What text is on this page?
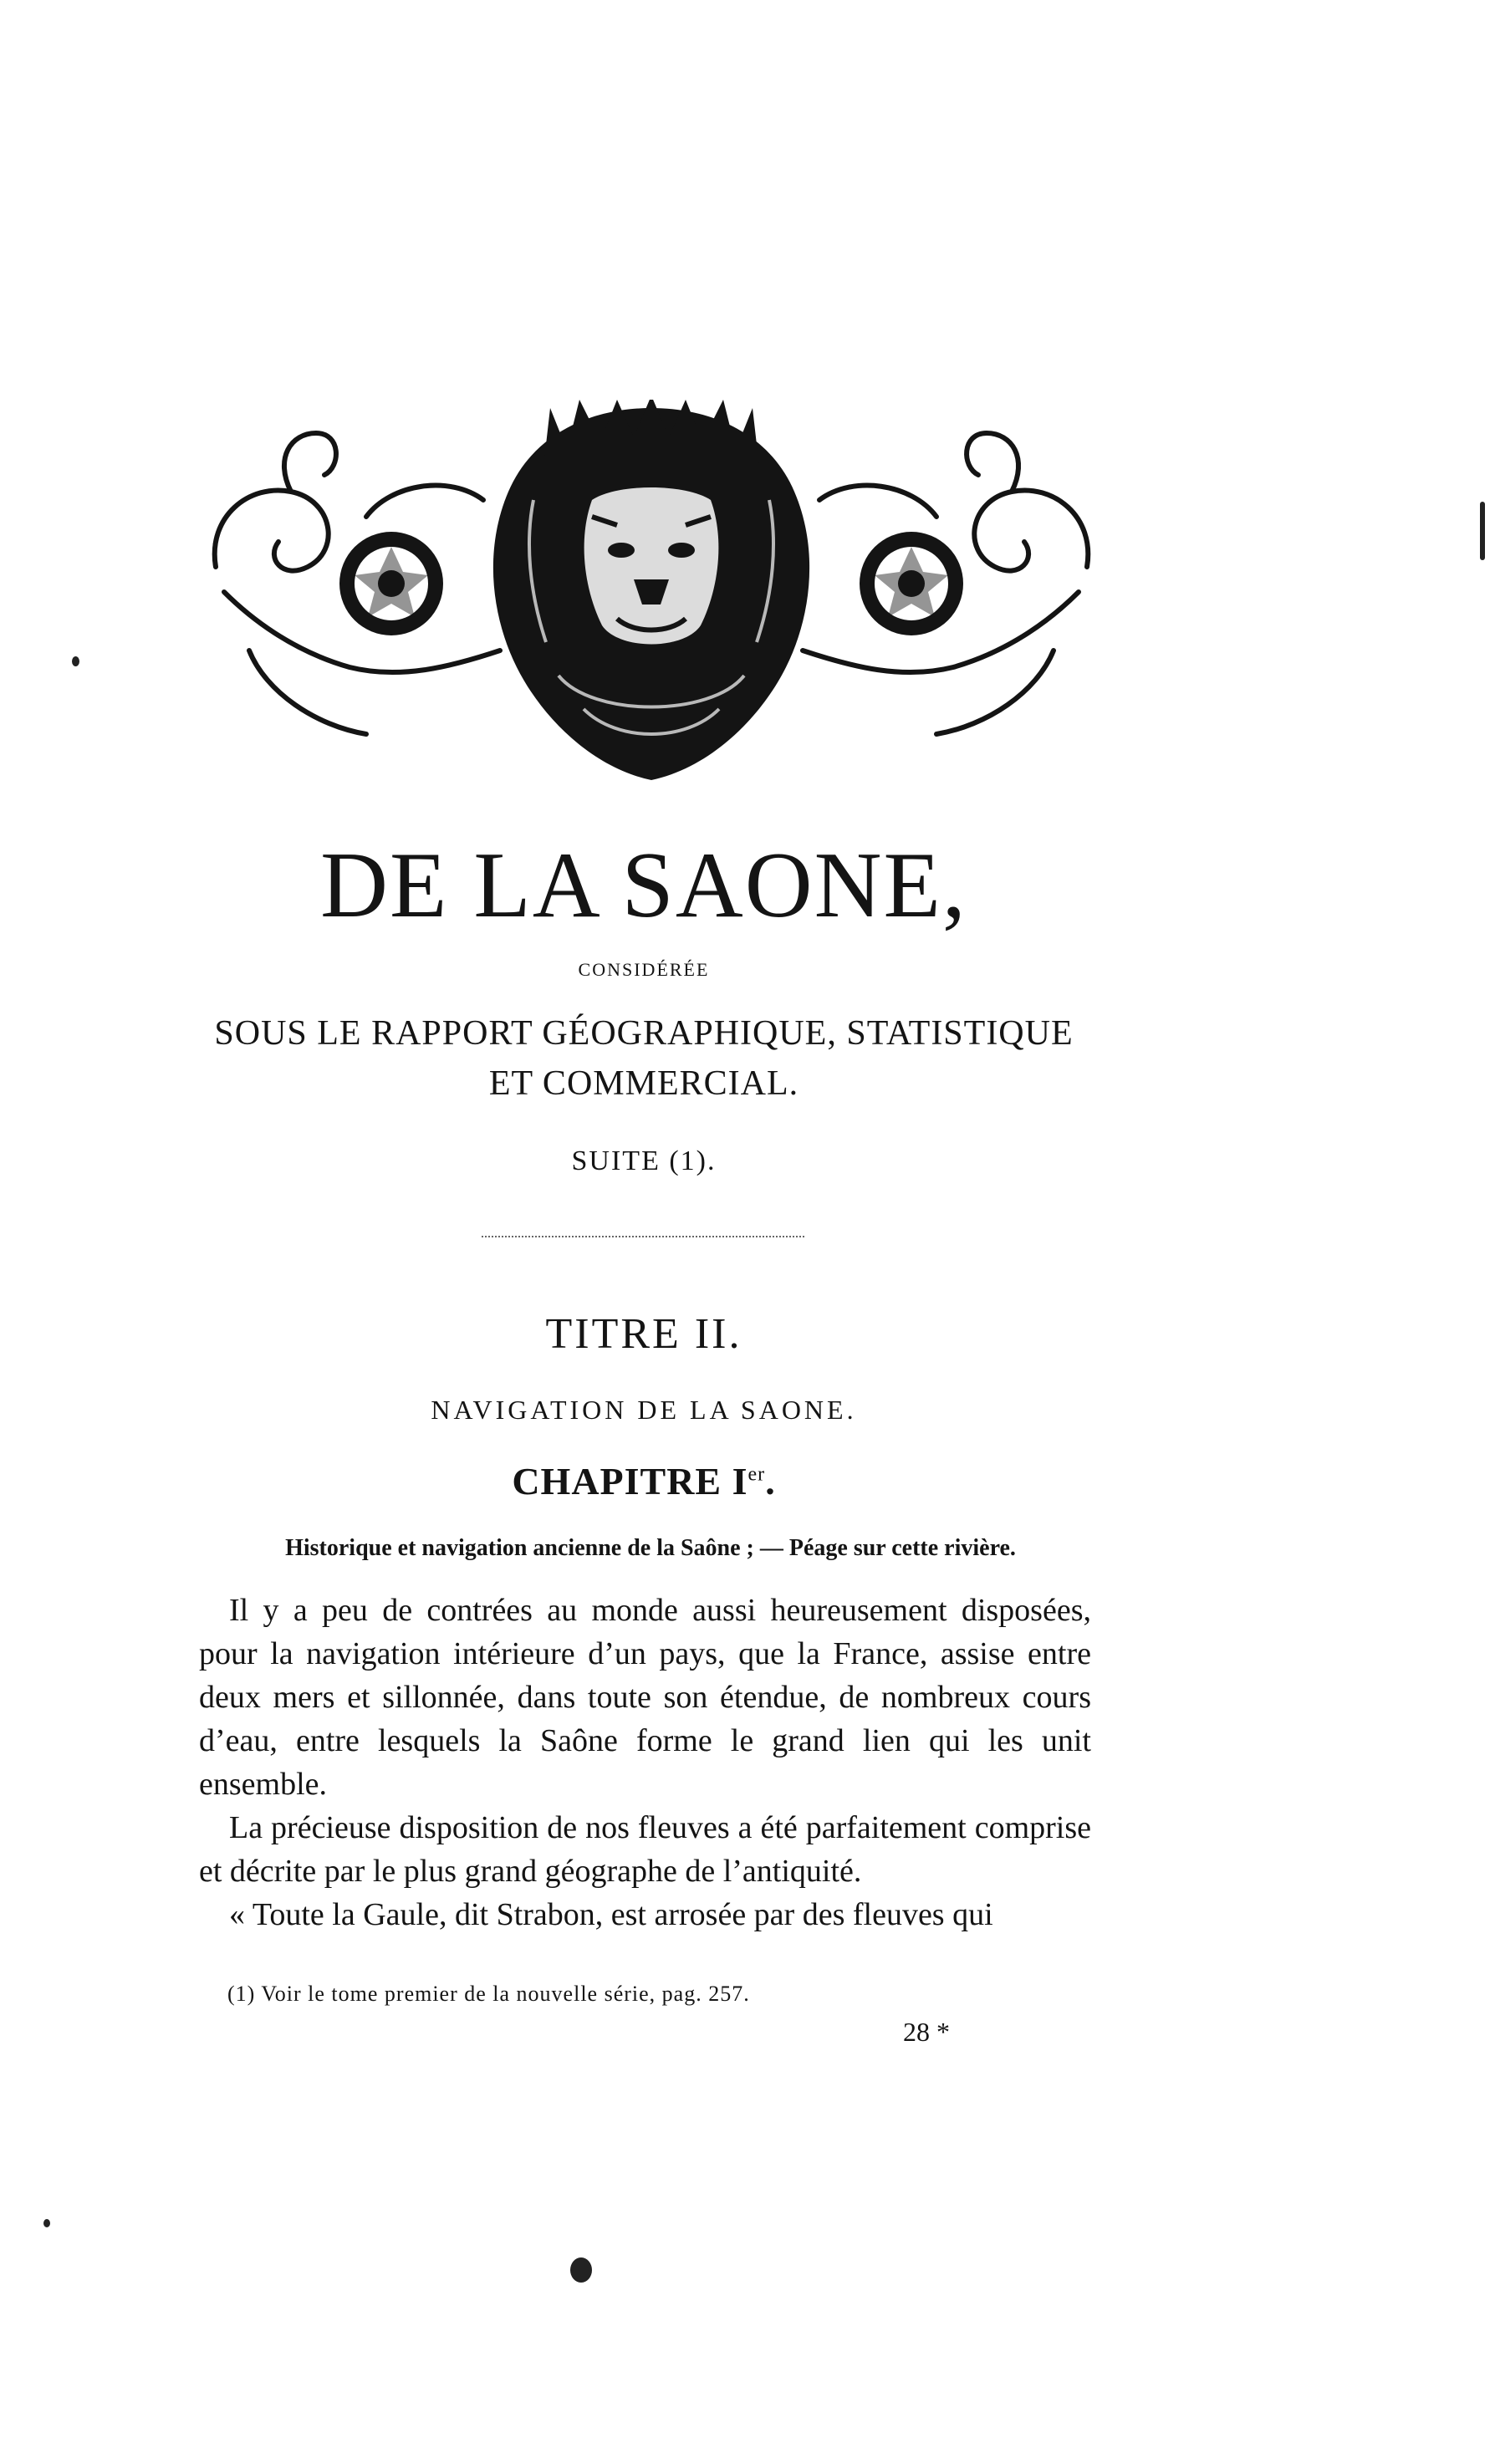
DE LA SAONE,
CONSIDÉRÉE
SOUS LE RAPPORT GÉOGRAPHIQUE, STATISTIQUE
ET COMMERCIAL.
SUITE (1).
TITRE II.
NAVIGATION DE LA SAONE.
CHAPITRE Ier.
Historique et navigation ancienne de la Saône ; — Péage sur cette rivière.

Il y a peu de contrées au monde aussi heureusement disposées, pour la navigation intérieure d’un pays, que la France, assise entre deux mers et sillonnée, dans toute son étendue, de nombreux cours d’eau, entre lesquels la Saône forme le grand lien qui les unit ensemble.

La précieuse disposition de nos fleuves a été parfaitement comprise et décrite par le plus grand géographe de l’antiquité.

« Toute la Gaule, dit Strabon, est arrosée par des fleuves qui

(1) Voir le tome premier de la nouvelle série, pag. 257.
28 *
